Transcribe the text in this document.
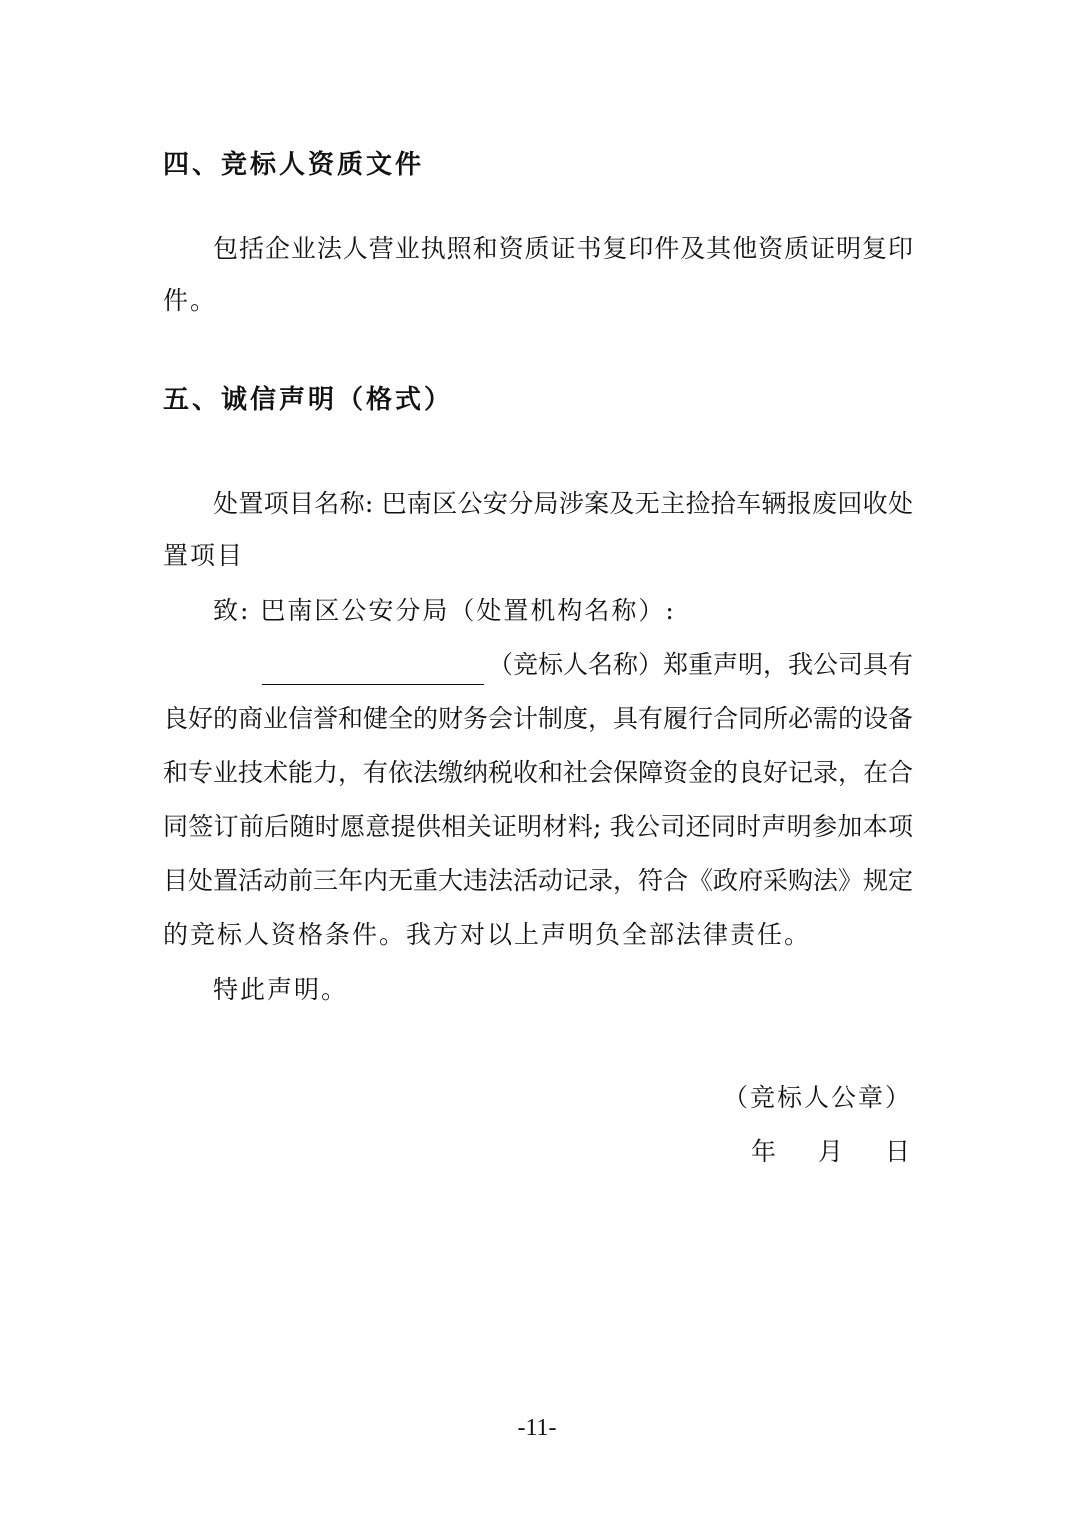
四、竞标人资质文件
包括企业法人营业执照和资质证书复印件及其他资质证明复印
件。
五、诚信声明（格式）
处置项目名称: 巴南区公安分局涉案及无主捡拾车辆报废回收处
置项目
致: 巴南区公安分局（处置机构名称）:
（竞标人名称）郑重声明，我公司具有
良好的商业信誉和健全的财务会计制度，具有履行合同所必需的设备
和专业技术能力，有依法缴纳税收和社会保障资金的良好记录，在合
同签订前后随时愿意提供相关证明材料; 我公司还同时声明参加本项
目处置活动前三年内无重大违法活动记录，符合《政府采购法》规定
的竞标人资格条件。我方对以上声明负全部法律责任。
特此声明。
（竞标人公章）
年 月 日
-11-
